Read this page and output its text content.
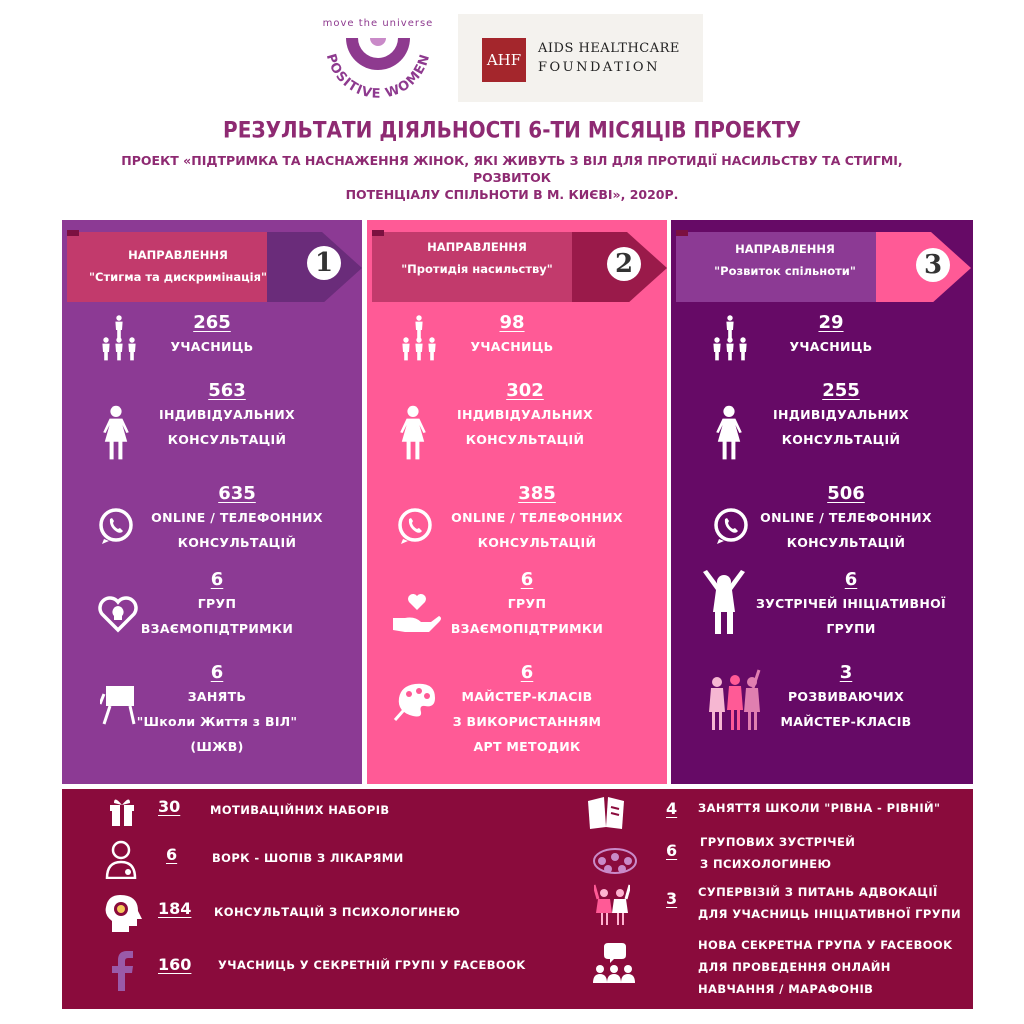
move the universe
POSITIVE WOMEN	AHF
AIDS HEALTHCARE
FOUNDATION
РЕЗУЛЬТАТИ ДІЯЛЬНОСТІ 6-ТИ МІСЯЦІВ ПРОЕКТУ
ПРОЕКТ «ПІДТРИМКА ТА НАСНАЖЕННЯ ЖІНОК, ЯКІ ЖИВУТЬ З ВІЛ ДЛЯ ПРОТИДІЇ НАСИЛЬСТВУ ТА СТИГМІ, РОЗВИТОК
ПОТЕНЦІАЛУ СПІЛЬНОТИ В М. КИЄВІ», 2020Р.
НАПРАВЛЕННЯ
"Стигма та дискримінація"	1
265
УЧАСНИЦЬ
563
ІНДИВІДУАЛЬНИХ
КОНСУЛЬТАЦІЙ
635
ONLINE / ТЕЛЕФОННИХ
КОНСУЛЬТАЦІЙ
6
ГРУП
ВЗАЄМОПІДТРИМКИ
6
ЗАНЯТЬ
"Школи Життя з ВІЛ"
(ШЖВ)
НАПРАВЛЕННЯ
"Протидія насильству"	2
98
УЧАСНИЦЬ
302
ІНДИВІДУАЛЬНИХ
КОНСУЛЬТАЦІЙ
385
ONLINE / ТЕЛЕФОННИХ
КОНСУЛЬТАЦІЙ
6
ГРУП
ВЗАЄМОПІДТРИМКИ
6
МАЙСТЕР-КЛАСІВ
З ВИКОРИСТАННЯМ
АРТ МЕТОДИК
НАПРАВЛЕННЯ
"Розвиток спільноти"	3
29
УЧАСНИЦЬ
255
ІНДИВІДУАЛЬНИХ
КОНСУЛЬТАЦІЙ
506
ONLINE / ТЕЛЕФОННИХ
КОНСУЛЬТАЦІЙ
6
ЗУСТРІЧЕЙ ІНІЦІАТИВНОЇ
ГРУПИ
3
РОЗВИВАЮЧИХ
МАЙСТЕР-КЛАСІВ
30	МОТИВАЦІЙНИХ НАБОРІВ
6	ВОРК - ШОПІВ З ЛІКАРЯМИ
184 КОНСУЛЬТАЦІЙ З ПСИХОЛОГИНЕЮ
160 УЧАСНИЦЬ У СЕКРЕТНІЙ ГРУПІ У FACEBOOK
4 ЗАНЯТТЯ ШКОЛИ "РІВНА - РІВНІЙ"
6 ГРУПОВИХ ЗУСТРІЧЕЙ
З ПСИХОЛОГИНЕЮ
3 СУПЕРВІЗІЙ З ПИТАНЬ АДВОКАЦІЇ
ДЛЯ УЧАСНИЦЬ ІНІЦІАТИВНОЇ ГРУПИ
НОВА СЕКРЕТНА ГРУПА У FACEBOOK
ДЛЯ ПРОВЕДЕННЯ ОНЛАЙН
НАВЧАННЯ / МАРАФОНІВ
